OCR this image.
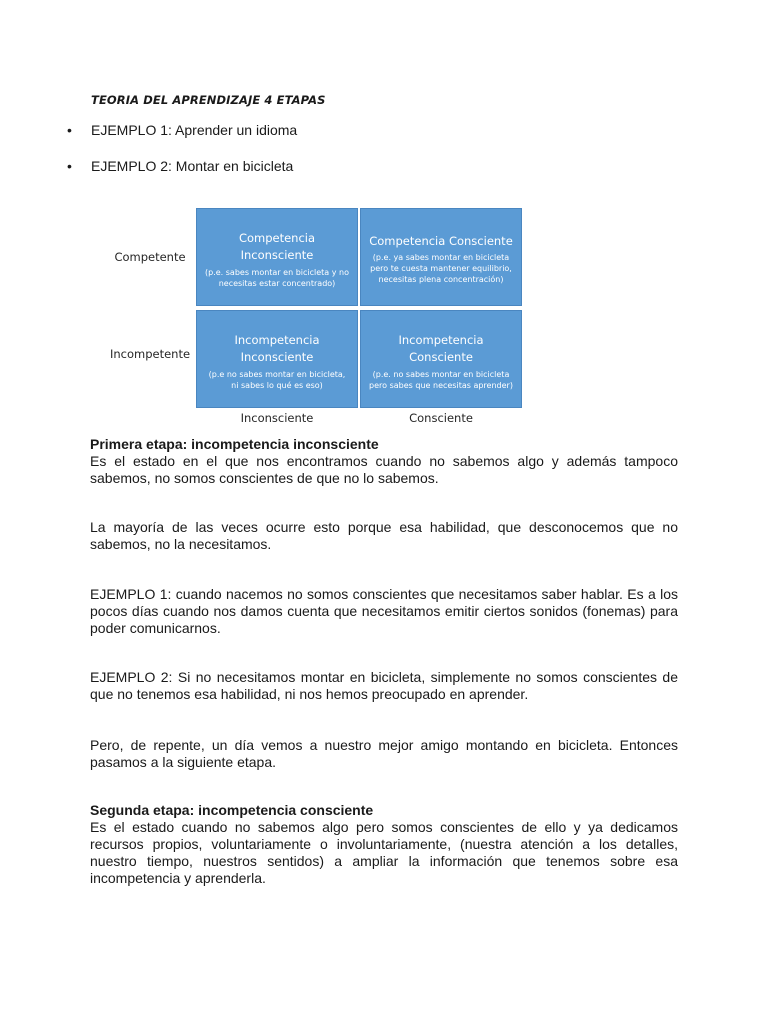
TEORIA DEL APRENDIZAJE 4 ETAPAS
• EJEMPLO 1: Aprender un idioma
• EJEMPLO 2: Montar en bicicleta
Competente
Incompetente
Competencia
Inconsciente
(p.e. sabes montar en bicicleta y no necesitas estar concentrado)
Competencia Consciente
(p.e. ya sabes montar en bicicleta pero te cuesta mantener equilibrio, necesitas plena concentración)
Incompetencia
Inconsciente
(p.e no sabes montar en bicicleta, ni sabes lo qué es eso)
Incompetencia
Consciente
(p.e. no sabes montar en bicicleta pero sabes que necesitas aprender)
Inconsciente	Consciente

Primera etapa: incompetencia inconsciente

Es el estado en el que nos encontramos cuando no sabemos algo y además tampoco sabemos, no somos conscientes de que no lo sabemos.

La mayoría de las veces ocurre esto porque esa habilidad, que desconocemos que no sabemos, no la necesitamos.

EJEMPLO 1: cuando nacemos no somos conscientes que necesitamos saber hablar. Es a los pocos días cuando nos damos cuenta que necesitamos emitir ciertos sonidos (fonemas) para poder comunicarnos.

EJEMPLO 2: Si no necesitamos montar en bicicleta, simplemente no somos conscientes de que no tenemos esa habilidad, ni nos hemos preocupado en aprender.

Pero, de repente, un día vemos a nuestro mejor amigo montando en bicicleta. Entonces pasamos a la siguiente etapa.

Segunda etapa: incompetencia consciente

Es el estado cuando no sabemos algo pero somos conscientes de ello y ya dedicamos recursos propios, voluntariamente o involuntariamente, (nuestra atención a los detalles, nuestro tiempo, nuestros sentidos) a ampliar la información que tenemos sobre esa incompetencia y aprenderla.
